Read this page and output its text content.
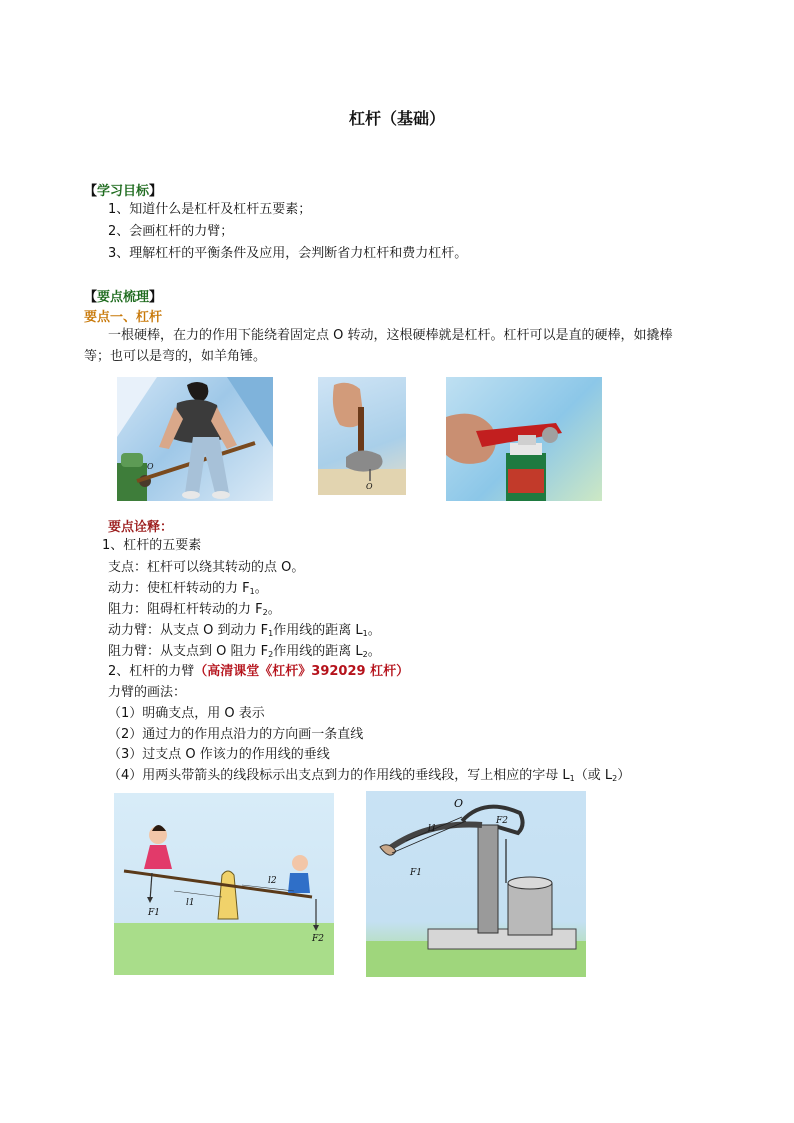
杠杆（基础）
【学习目标】
1、知道什么是杠杆及杠杆五要素；
2、会画杠杆的力臂；
3、理解杠杆的平衡条件及应用，会判断省力杠杆和费力杠杆。
【要点梳理】
要点一、杠杆
一根硬棒，在力的作用下能绕着固定点 O 转动，这根硬棒就是杠杆。杠杆可以是直的硬棒，如撬棒
等；也可以是弯的，如羊角锤。
O
O
要点诠释：
1、杠杆的五要素
支点：杠杆可以绕其转动的点 O。
动力：使杠杆转动的力 $F_1$。
阻力：阻碍杠杆转动的力 $F_2$。
动力臂：从支点 O 到动力 $F_1$作用线的距离 $L_1$。
阻力臂：从支点到 O 阻力 $F_2$作用线的距离 $L_2$。
2、杠杆的力臂（高清课堂《杠杆》392029 杠杆）
力臂的画法：
（1）明确支点，用 O 表示
（2）通过力的作用点沿力的方向画一条直线
（3）过支点 O 作该力的作用线的垂线
（4）用两头带箭头的线段标示出支点到力的作用线的垂线段，写上相应的字母 $L_1$（或 $L_2$）
F1
l1
l2
F2
O
l1
F2
F1
